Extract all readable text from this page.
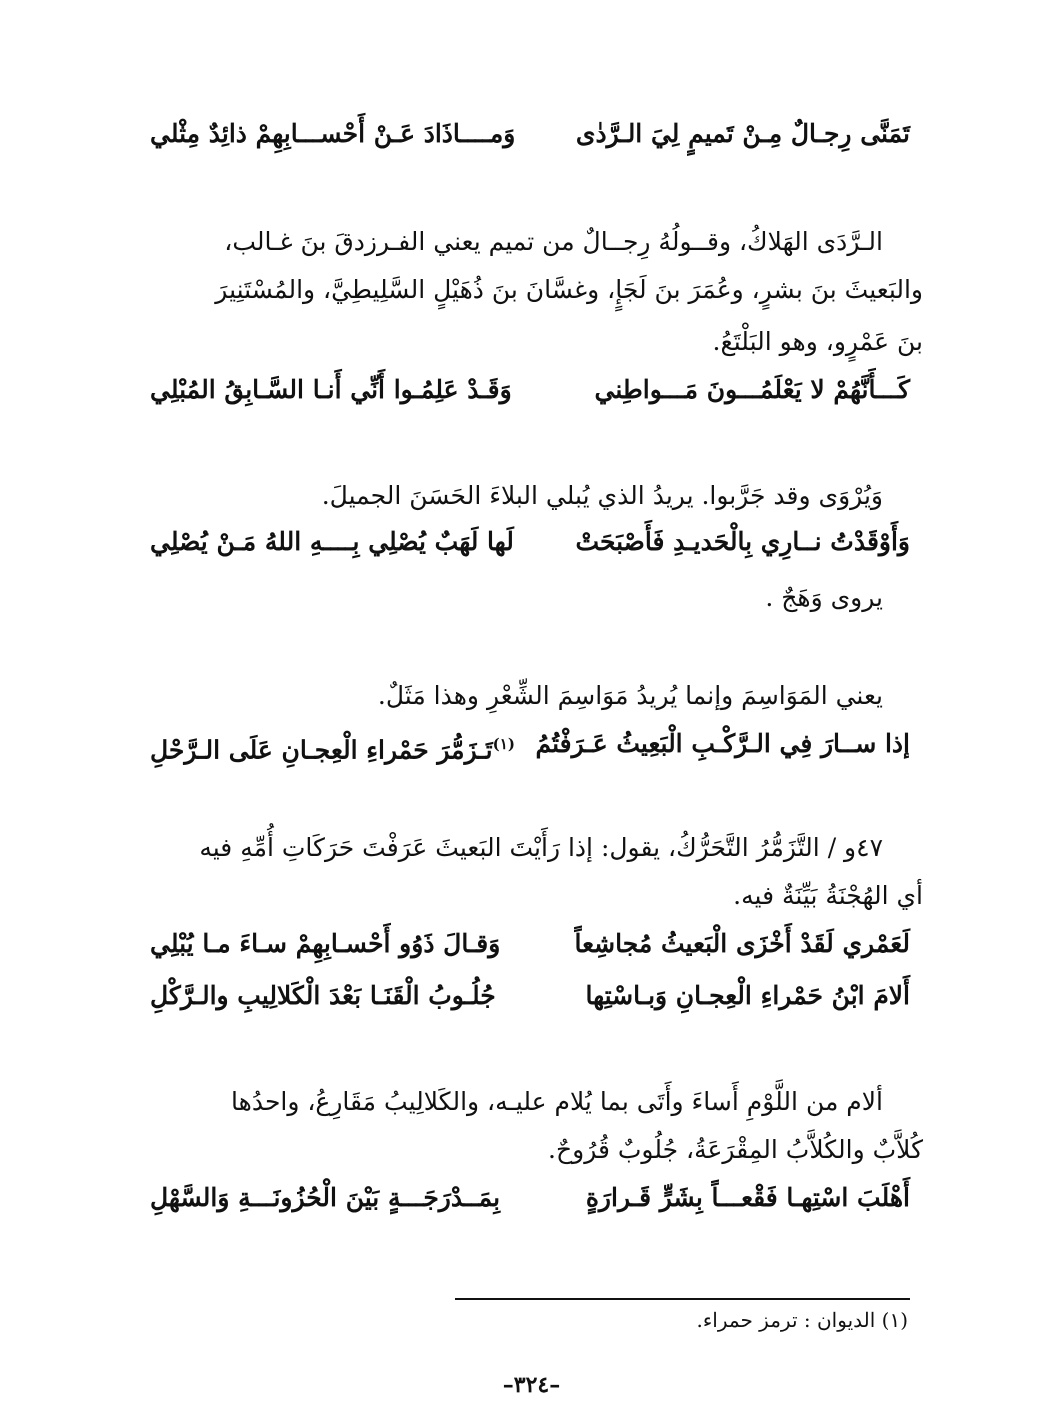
تَمَنَّى رِجـالٌ مِـنْ تَميمٍ لِيَ الـرَّدٰى
وَمــــاذَادَ عَـنْ أَحْســـابِهِمْ ذائِدٌ مِثْلي
الـرَّدَى الهَلاكُ، وقــولُهُ رِجــالٌ من تميم يعني الفـرزدقَ بنَ غـالب،
والبَعيثَ بنَ بشرٍ، وعُمَرَ بنَ لَجَإٍ، وغسَّانَ بنَ ذُهَيْلٍ السَّلِيطِيَّ، والمُسْتَنِيرَ
بنَ عَمْرٍو، وهو البَلْتَعُ.
كَـــأَنَّهُمْ لا يَعْلَمُـــونَ مَـــواطِني
وَقَـدْ عَلِمُـوا أَنِّي أَنـا السَّـابِقُ المُبْلِي
وَيُرْوَى وقد جَرَّبوا. يريدُ الذي يُبلي البلاءَ الحَسَنَ الجميلَ.
وَأَوْقَدْتُ نــارِي بِالْحَديـدِ فَأَصْبَحَتْ
لَها لَهَبٌ يُصْلِي بِــــهِ اللهُ مَـنْ يُصْلِي
يروى وَهَجٌ .
يعني المَوَاسِمَ وإنما يُريدُ مَوَاسِمَ الشِّعْرِ وهذا مَثَلٌ.
إذا ســارَ فِي الـرَّكْـبِ الْبَعِيثُ عَـرَفْتُمُ
$^{(١)}$تَـزَمُّرَ حَمْراءِ الْعِجـانِ عَلَى الـرَّحْلِ
٤٧و / التَّزَمُّرُ التَّحَرُّكُ، يقول: إذا رَأَيْتَ البَعيثَ عَرَفْتَ حَرَكَاتِ أُمِّهِ فيه
أي الهُجْنَةُ بَيِّنَةٌ فيه.
لَعَمْري لَقَدْ أَخْزَى الْبَعيثُ مُجاشِعاً
وَقـالَ ذَوُو أَحْسـابِهِمْ سـاءَ مـا يُبْلِي
أَلامَ ابْنُ حَمْراءِ الْعِجـانِ وَبـاسْتِها
جُلُـوبُ الْقَنَـا بَعْدَ الْكَلالِيبِ والـرَّكْلِ
ألام من اللَّوْمِ أَساءَ وأَتَى بما يُلام عليـه، والكَلالِيبُ مَقَارِعُ، واحدُها
كُلاَّبٌ والكُلاَّبُ المِقْرَعَةُ، جُلُوبٌ قُرُوحٌ.
أَهْلَبَ اسْتِهـا فَقْعـــاً بِشَرٍّ قَـرارَةٍ
بِمَــدْرَجَـــةٍ بَيْنَ الْحُزُونَـــةِ وَالسَّهْلِ
(١) الديوان : ترمز حمراء.
–٣٢٤–
